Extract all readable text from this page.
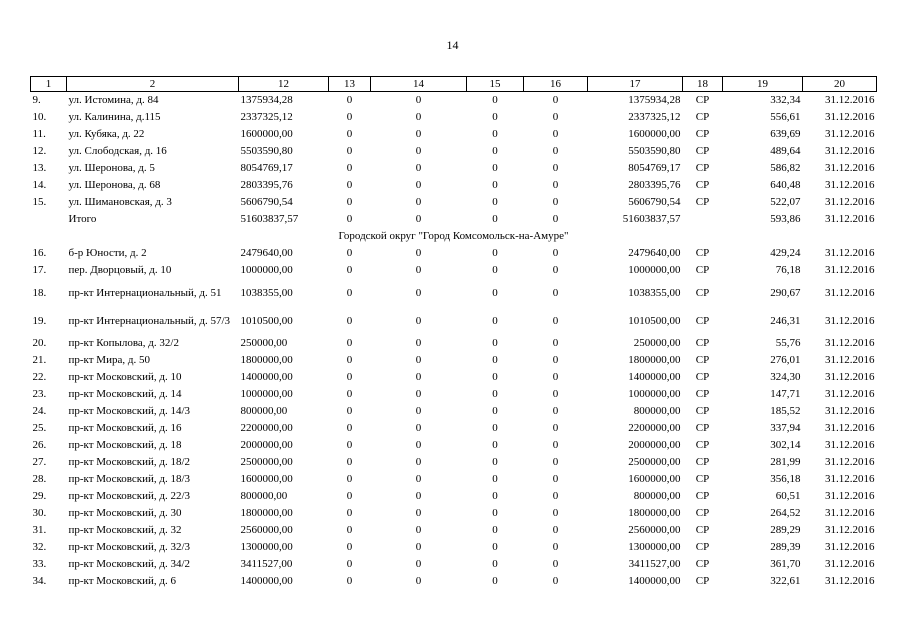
14
1	2	12	13	14	15	16	17	18	19	20
9.	ул. Истомина, д. 84	1375934,28	0	0	0	0	1375934,28	СР	332,34	31.12.2016
10.	ул. Калинина, д.115	2337325,12	0	0	0	0	2337325,12	СР	556,61	31.12.2016
11.	ул. Кубяка, д. 22	1600000,00	0	0	0	0	1600000,00	СР	639,69	31.12.2016
12.	ул. Слободская, д. 16	5503590,80	0	0	0	0	5503590,80	СР	489,64	31.12.2016
13.	ул. Шеронова, д. 5	8054769,17	0	0	0	0	8054769,17	СР	586,82	31.12.2016
14.	ул. Шеронова, д. 68	2803395,76	0	0	0	0	2803395,76	СР	640,48	31.12.2016
15.	ул. Шимановская, д. 3	5606790,54	0	0	0	0	5606790,54	СР	522,07	31.12.2016
	Итого	51603837,57	0	0	0	0	51603837,57		593,86	31.12.2016
Городской округ "Город Комсомольск-на-Амуре"										
16.	б-р Юности, д. 2	2479640,00	0	0	0	0	2479640,00	СР	429,24	31.12.2016
17.	пер. Дворцовый, д. 10	1000000,00	0	0	0	0	1000000,00	СР	76,18	31.12.2016
18.	пр-кт Интернациональный, д. 51	1038355,00	0	0	0	0	1038355,00	СР	290,67	31.12.2016
19.	пр-кт Интернациональный, д. 57/3	1010500,00	0	0	0	0	1010500,00	СР	246,31	31.12.2016
20.	пр-кт Копылова, д. 32/2	250000,00	0	0	0	0	250000,00	СР	55,76	31.12.2016
21.	пр-кт Мира, д. 50	1800000,00	0	0	0	0	1800000,00	СР	276,01	31.12.2016
22.	пр-кт Московский, д. 10	1400000,00	0	0	0	0	1400000,00	СР	324,30	31.12.2016
23.	пр-кт Московский, д. 14	1000000,00	0	0	0	0	1000000,00	СР	147,71	31.12.2016
24.	пр-кт Московский, д. 14/3	800000,00	0	0	0	0	800000,00	СР	185,52	31.12.2016
25.	пр-кт Московский, д. 16	2200000,00	0	0	0	0	2200000,00	СР	337,94	31.12.2016
26.	пр-кт Московский, д. 18	2000000,00	0	0	0	0	2000000,00	СР	302,14	31.12.2016
27.	пр-кт Московский, д. 18/2	2500000,00	0	0	0	0	2500000,00	СР	281,99	31.12.2016
28.	пр-кт Московский, д. 18/3	1600000,00	0	0	0	0	1600000,00	СР	356,18	31.12.2016
29.	пр-кт Московский, д. 22/3	800000,00	0	0	0	0	800000,00	СР	60,51	31.12.2016
30.	пр-кт Московский, д. 30	1800000,00	0	0	0	0	1800000,00	СР	264,52	31.12.2016
31.	пр-кт Московский, д. 32	2560000,00	0	0	0	0	2560000,00	СР	289,29	31.12.2016
32.	пр-кт Московский, д. 32/3	1300000,00	0	0	0	0	1300000,00	СР	289,39	31.12.2016
33.	пр-кт Московский, д. 34/2	3411527,00	0	0	0	0	3411527,00	СР	361,70	31.12.2016
34.	пр-кт Московский, д. 6	1400000,00	0	0	0	0	1400000,00	СР	322,61	31.12.2016
